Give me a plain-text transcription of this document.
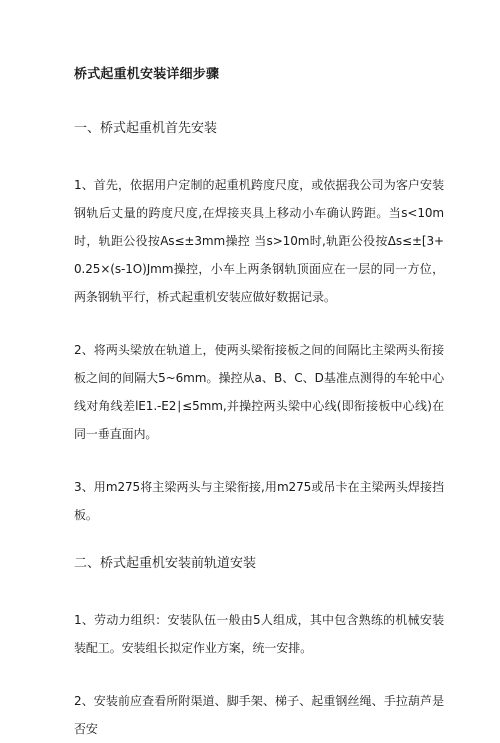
桥式起重机安装详细步骤
一、桥式起重机首先安装
1、首先，依据用户定制的起重机跨度尺度，或依据我公司为客户安装钢轨后丈量的跨度尺度,在焊接夹具上移动小车确认跨距。当s<10m时，轨距公役按As≤±3mm操控 当s>10m时,轨距公役按Δs≤±[3+0.25×(s-1O)Jmm操控，小车上两条钢轨顶面应在一层的同一方位，两条钢轨平行，桥式起重机安装应做好数据记录。
2、将两头梁放在轨道上，使两头梁衔接板之间的间隔比主梁两头衔接板之间的间隔大5~6mm。操控从a、B、C、D基准点测得的车轮中心线对角线差lE1.-E2∣≤5mm,并操控两头梁中心线(即衔接板中心线)在同一垂直面内。
3、用m275将主梁两头与主梁衔接,用m275或吊卡在主梁两头焊接挡板。
二、桥式起重机安装前轨道安装
1、劳动力组织：安装队伍一般由5人组成，其中包含熟练的机械安装装配工。安装组长拟定作业方案，统一安排。
2、安装前应查看所附渠道、脚手架、梯子、起重钢丝绳、手拉葫芦是否安
